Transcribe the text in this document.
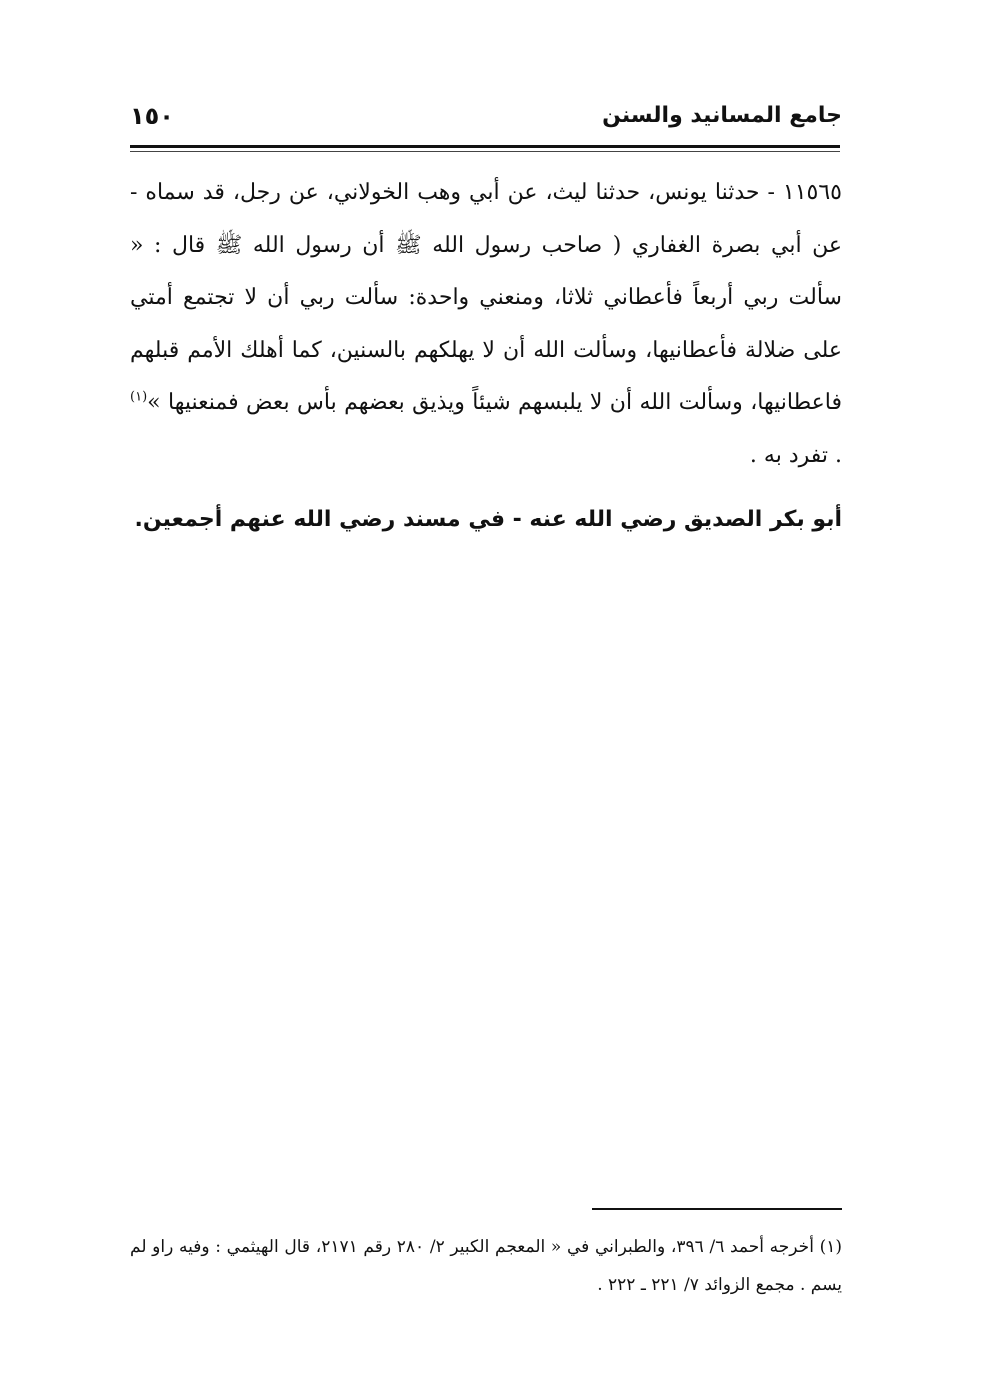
جامع المسانيد والسنن
١٥٠

١١٥٦٥ - حدثنا يونس، حدثنا ليث، عن أبي وهب الخولاني، عن رجل، قد سماه - عن أبي بصرة الغفاري ( صاحب رسول الله ﷺ أن رسول الله ﷺ قال : « سألت ربي أربعاً فأعطاني ثلاثا، ومنعني واحدة: سألت ربي أن لا تجتمع أمتي على ضلالة فأعطانيها، وسألت الله أن لا يهلكهم بالسنين، كما أهلك الأمم قبلهم فاعطانيها، وسألت الله أن لا يلبسهم شيئاً ويذيق بعضهم بأس بعض فمنعنيها »$^{(١)}$ . تفرد به .

أبو بكر الصديق رضي الله عنه - في مسند رضي الله عنهم أجمعين.

(١) أخرجه أحمد ٦/ ٣٩٦، والطبراني في « المعجم الكبير ٢/ ٢٨٠ رقم ٢١٧١، قال الهيثمي : وفيه راو لم يسم . مجمع الزوائد ٧/ ٢٢١ ـ ٢٢٢ .
